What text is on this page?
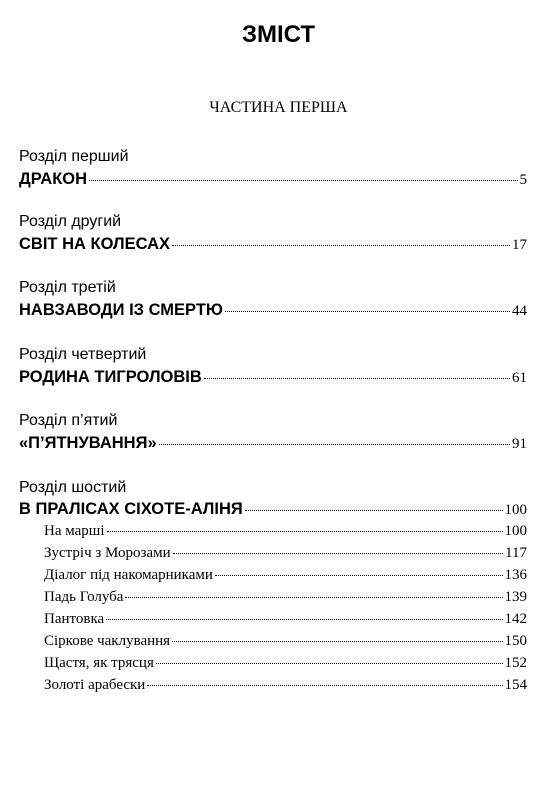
ЗМІСТ
ЧАСТИНА ПЕРША
Розділ перший
ДРАКОН	5
Розділ другий
СВІТ НА КОЛЕСАХ	17
Розділ третій
НАВЗАВОДИ ІЗ СМЕРТЮ	44
Розділ четвертий
РОДИНА ТИГРОЛОВІВ	61
Розділ п’ятий
«П’ЯТНУВАННЯ»	91
Розділ шостий
В ПРАЛІСАХ СІХОТЕ-АЛІНЯ	100
На марші	100
Зустріч з Морозами	117
Діалог під накомарниками	136
Падь Голуба	139
Пантовка	142
Сіркове чаклування	150
Щастя, як трясця	152
Золоті арабески	154
